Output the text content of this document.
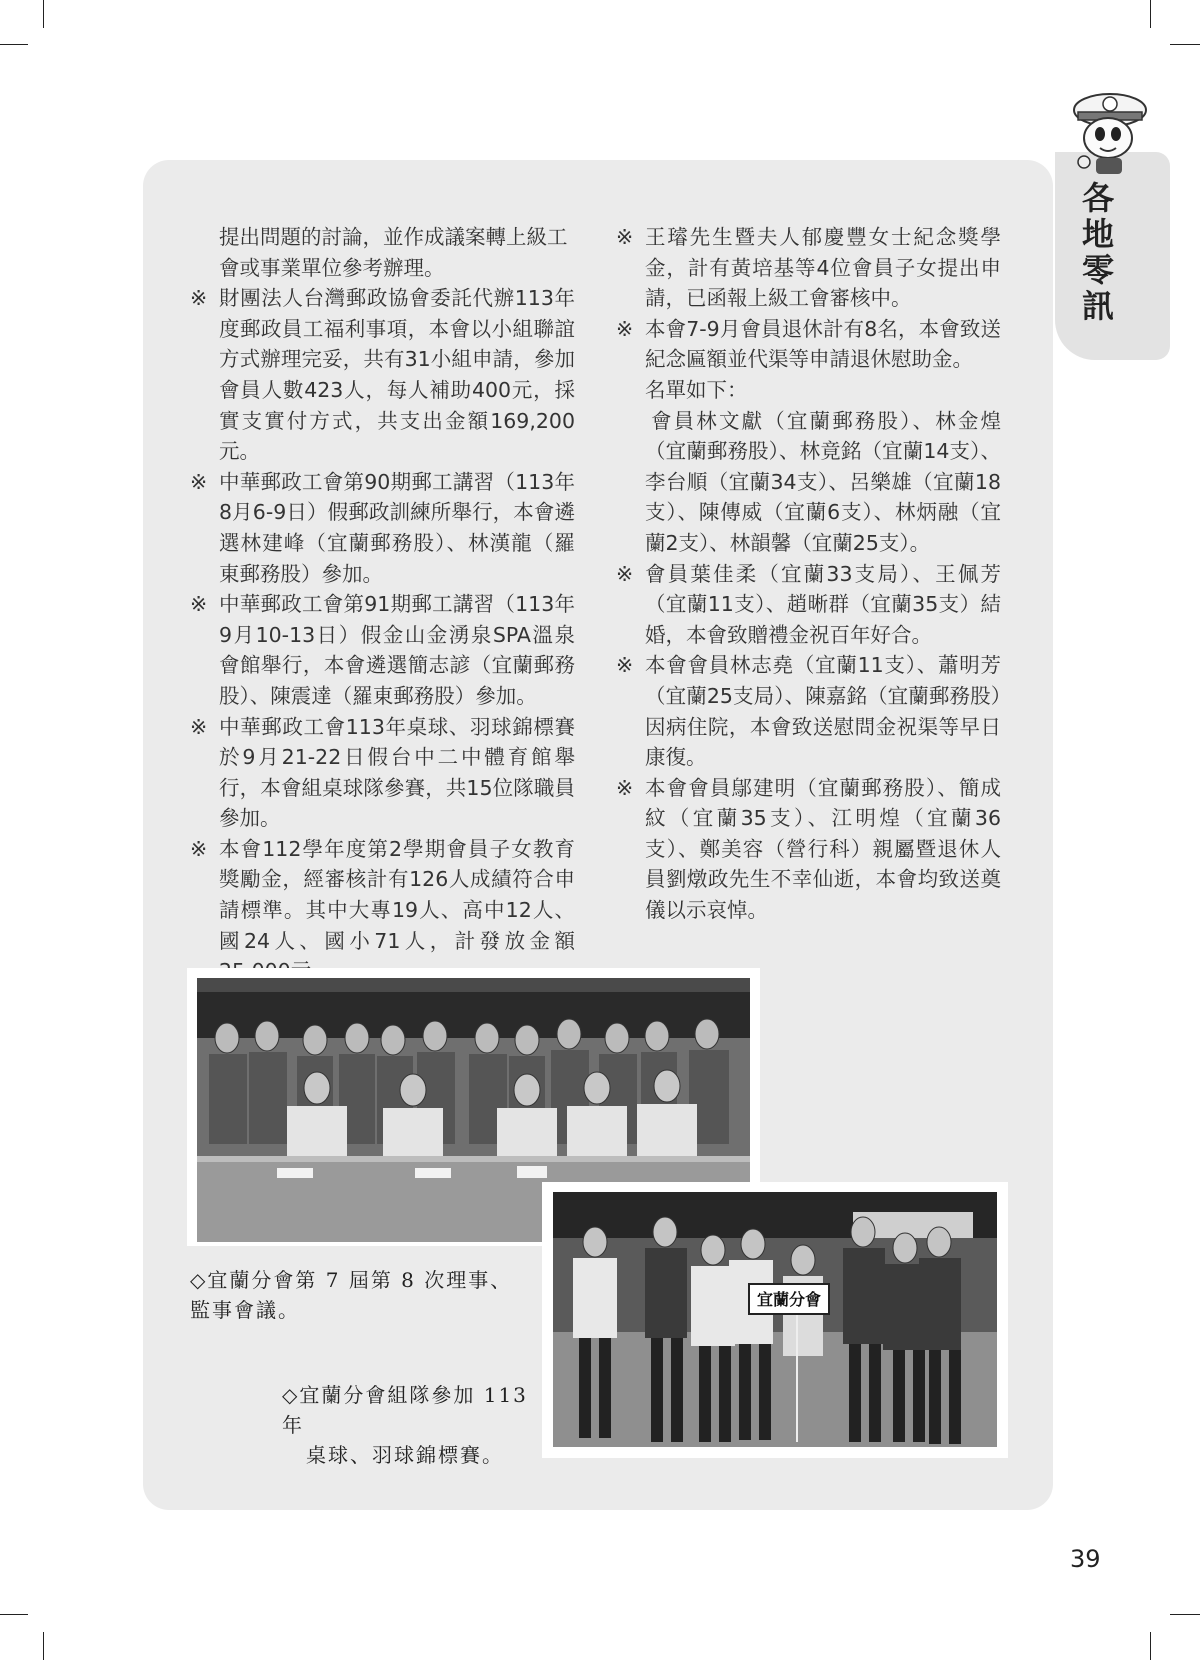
各地零訊
提出問題的討論，並作成議案轉上級工會或事業單位參考辦理。
※ 財團法人台灣郵政協會委託代辦113年度郵政員工福利事項，本會以小組聯誼方式辦理完妥，共有31小組申請，參加會員人數423人，每人補助400元，採實支實付方式，共支出金額169,200元。
※ 中華郵政工會第90期郵工講習（113年8月6-9日）假郵政訓練所舉行，本會遴選林建峰（宜蘭郵務股）、林漢龍（羅東郵務股）參加。
※ 中華郵政工會第91期郵工講習（113年9月10-13日）假金山金湧泉SPA溫泉會館舉行，本會遴選簡志諺（宜蘭郵務股）、陳震達（羅東郵務股）參加。
※ 中華郵政工會113年桌球、羽球錦標賽於9月21-22日假台中二中體育館舉行，本會組桌球隊參賽，共15位隊職員參加。
※ 本會112學年度第2學期會員子女教育獎勵金，經審核計有126人成績符合申請標準。其中大專19人、高中12人、國24人、國小71人，計發放金額
※ 王璿先生暨夫人郁慶豐女士紀念獎學金，計有黃培基等4位會員子女提出申請，已函報上級工會審核中。
※ 本會7-9月會員退休計有8名，本會致送紀念匾額並代渠等申請退休慰助金。
名單如下：
會員林文獻（宜蘭郵務股）、林金煌（宜蘭郵務股）、林竟銘（宜蘭14支）、李台順（宜蘭34支）、呂樂雄（宜蘭18支）、陳傳威（宜蘭6支）、林炳融（宜蘭2支）、林韻馨（宜蘭25支）。
※ 會員葉佳柔（宜蘭33支局）、王佩芳（宜蘭11支）、趙晰群（宜蘭35支）結婚，本會致贈禮金祝百年好合。
※ 本會會員林志堯（宜蘭11支）、蕭明芳（宜蘭25支局）、陳嘉銘（宜蘭郵務股）因病住院，本會致送慰問金祝渠等早日康復。
※ 本會會員鄔建明（宜蘭郵務股）、簡成紋（宜蘭35支）、江明煌（宜蘭36支）、鄭美容（營行科）親屬暨退休人員劉燉政先生不幸仙逝，本會均致送奠儀以示哀悼。
宜蘭分會
◇宜蘭分會第 7 屆第 8 次理事、監事會議。
◇宜蘭分會組隊參加 113 年
桌球、羽球錦標賽。
39
